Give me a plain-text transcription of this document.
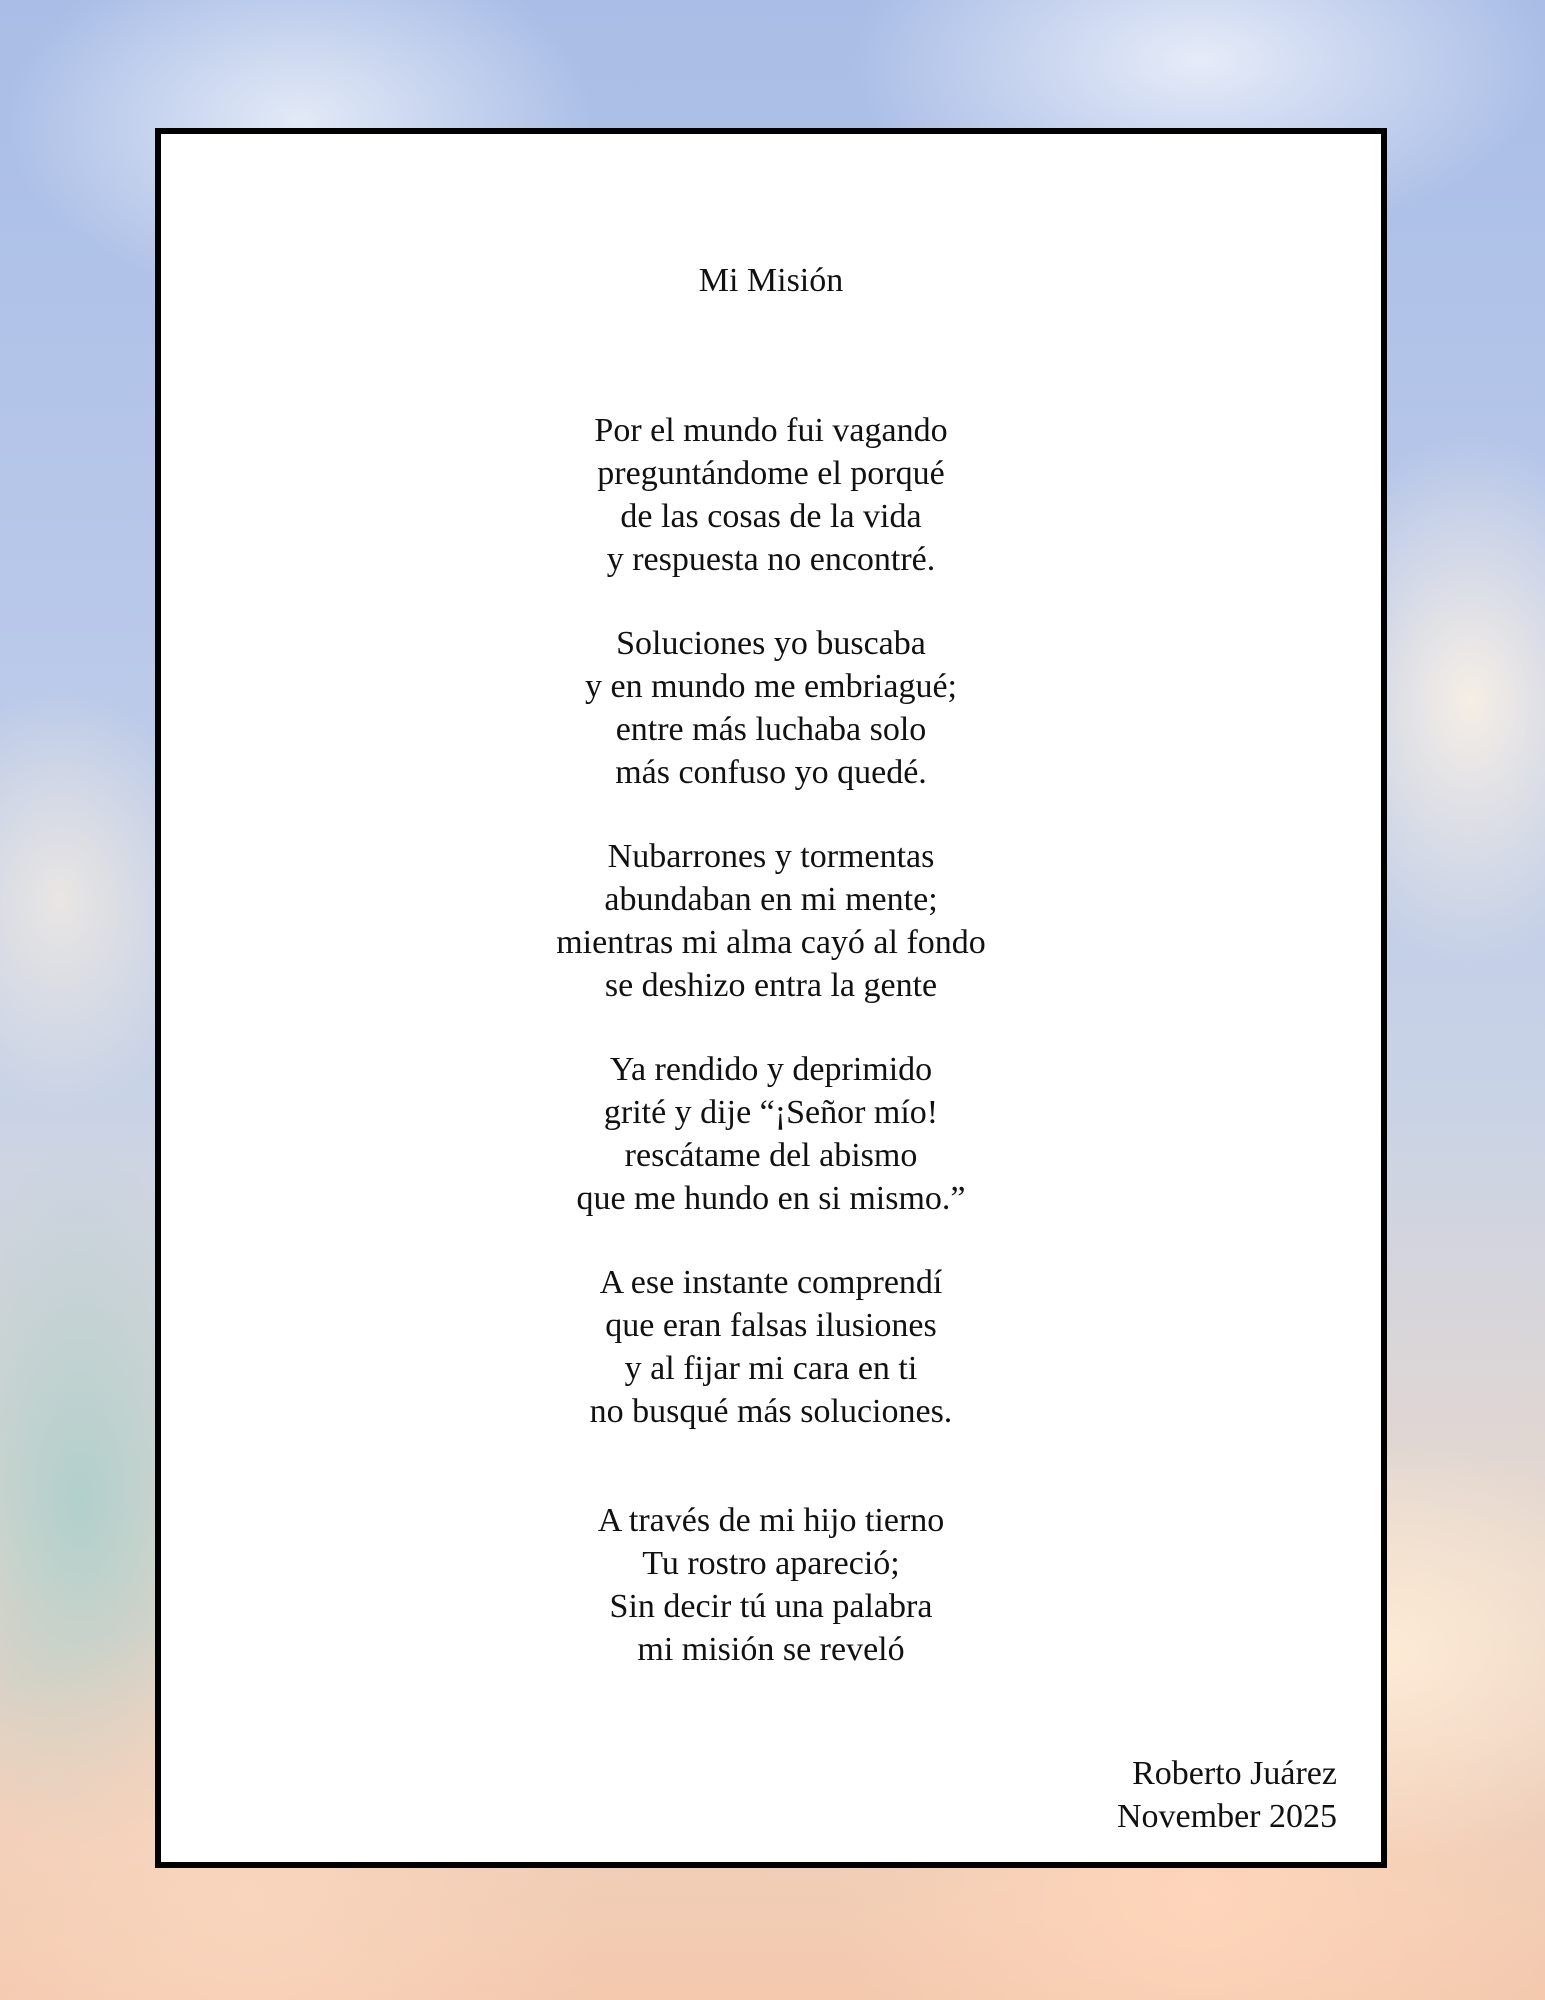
Mi Misión
Por el mundo fui vagando
preguntándome el porqué
de las cosas de la vida
y respuesta no encontré.
Soluciones yo buscaba
y en mundo me embriagué;
entre más luchaba solo
más confuso yo quedé.
Nubarrones y tormentas
abundaban en mi mente;
mientras mi alma cayó al fondo
se deshizo entra la gente
Ya rendido y deprimido
grité y dije “¡Señor mío!
rescátame del abismo
que me hundo en si mismo.”
A ese instante comprendí
que eran falsas ilusiones
y al fijar mi cara en ti
no busqué más soluciones.
A través de mi hijo tierno
Tu rostro apareció;
Sin decir tú una palabra
mi misión se reveló
Roberto Juárez
November 2025
